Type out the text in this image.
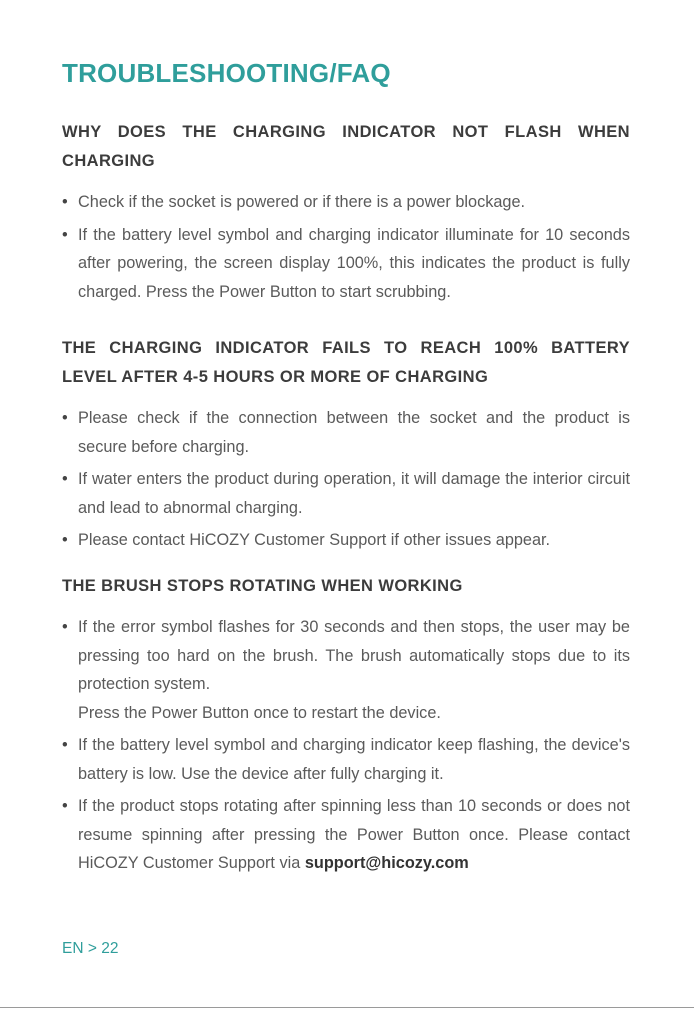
TROUBLESHOOTING/FAQ
WHY DOES THE CHARGING INDICATOR NOT FLASH WHEN CHARGING
• Check if the socket is powered or if there is a power blockage.
• If the battery level symbol and charging indicator illuminate for 10 seconds after powering, the screen display 100%, this indicates the product is fully charged. Press the Power Button to start scrubbing.
THE CHARGING INDICATOR FAILS TO REACH 100% BATTERY LEVEL AFTER 4-5 HOURS OR MORE OF CHARGING
• Please check if the connection between the socket and the product is secure before charging.
• If water enters the product during operation, it will damage the interior circuit and lead to abnormal charging.
• Please contact HiCOZY Customer Support if other issues appear.
THE BRUSH STOPS ROTATING WHEN WORKING
• If the error symbol flashes for 30 seconds and then stops, the user may be pressing too hard on the brush. The brush automatically stops due to its protection system.
Press the Power Button once to restart the device.
• If the battery level symbol and charging indicator keep flashing, the device's battery is low. Use the device after fully charging it.
• If the product stops rotating after spinning less than 10 seconds or does not resume spinning after pressing the Power Button once. Please contact HiCOZY Customer Support via support@hicozy.com
EN > 22
